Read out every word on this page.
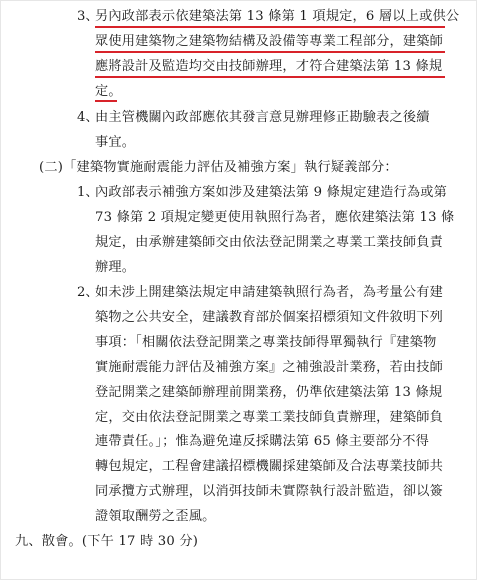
3、
另內政部表示依建築法第 13 條第 1 項規定，6 層以上或供公
眾使用建築物之建築物結構及設備等專業工程部分，建築師
應將設計及監造均交由技師辦理，才符合建築法第 13 條規
定。
4、
由主管機關內政部應依其發言意見辦理修正勘驗表之後續
事宜。
(二)「建築物實施耐震能力評估及補強方案」執行疑義部分：
1、
內政部表示補強方案如涉及建築法第 9 條規定建造行為或第
73 條第 2 項規定變更使用執照行為者，應依建築法第 13 條
規定，由承辦建築師交由依法登記開業之專業工業技師負責
辦理。
2、
如未涉上開建築法規定申請建築執照行為者，為考量公有建
築物之公共安全，建議教育部於個案招標須知文件敘明下列
事項：「相關依法登記開業之專業技師得單獨執行『建築物
實施耐震能力評估及補強方案』之補強設計業務，若由技師
登記開業之建築師辦理前開業務，仍準依建築法第 13 條規
定，交由依法登記開業之專業工業技師負責辦理，建築師負
連帶責任。」；惟為避免違反採購法第 65 條主要部分不得
轉包規定，工程會建議招標機關採建築師及合法專業技師共
同承攬方式辦理，以消弭技師未實際執行設計監造，卻以簽
證領取酬勞之歪風。
九、散會。(下午 17 時 30 分)
